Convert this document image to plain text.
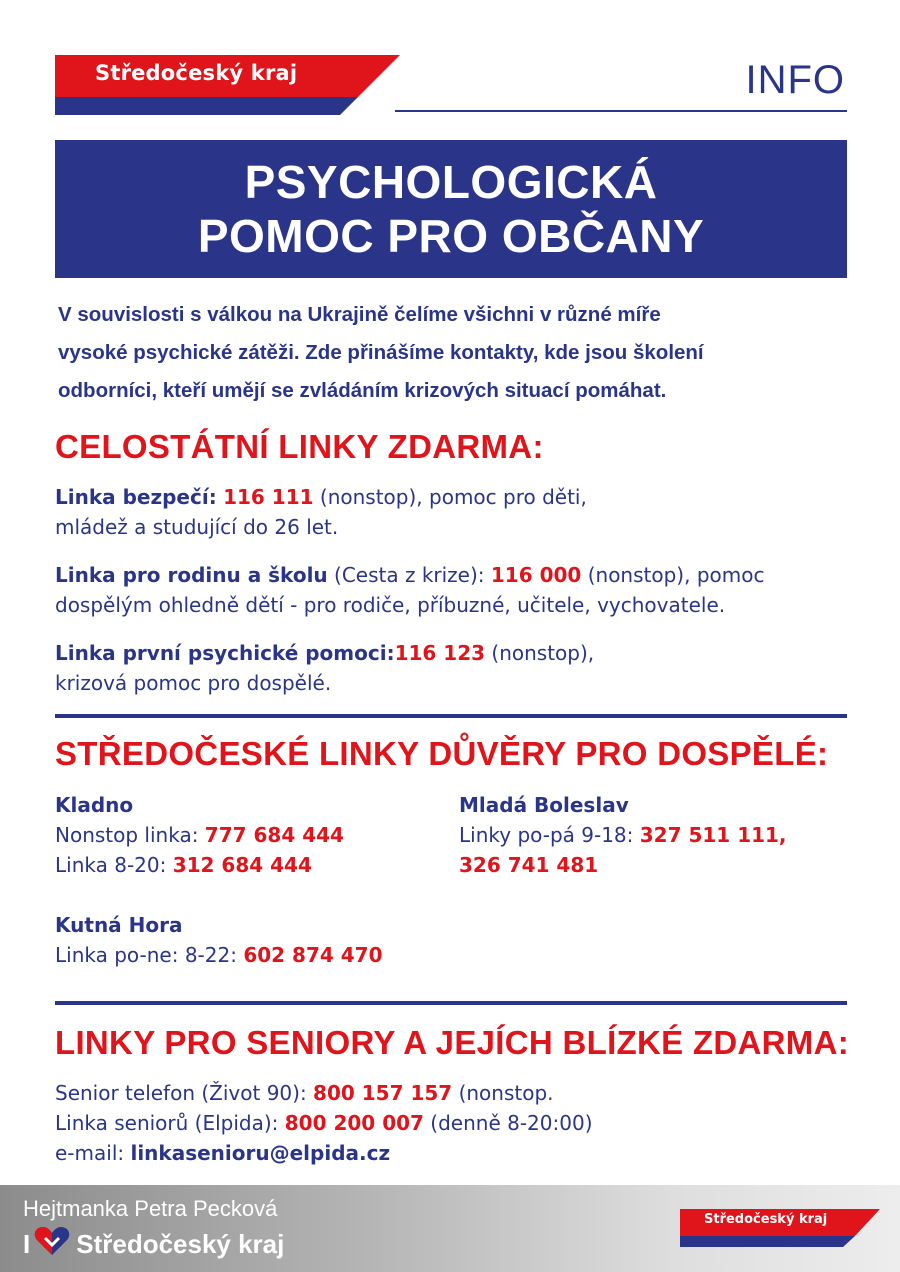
Středočeský kraj	INFO
PSYCHOLOGICKÁ
POMOC PRO OBČANY
V souvislosti s válkou na Ukrajině čelíme všichni v různé míře
vysoké psychické zátěži. Zde přinášíme kontakty, kde jsou školení
odborníci, kteří umějí se zvládáním krizových situací pomáhat.
CELOSTÁTNÍ LINKY ZDARMA:
Linka bezpečí: 116 111 (nonstop), pomoc pro děti,
mládež a studující do 26 let.
Linka pro rodinu a školu (Cesta z krize): 116 000 (nonstop), pomoc
dospělým ohledně dětí - pro rodiče, příbuzné, učitele, vychovatele.
Linka první psychické pomoci:116 123 (nonstop),
krizová pomoc pro dospělé.
STŘEDOČESKÉ LINKY DŮVĚRY PRO DOSPĚLÉ:
Kladno
Nonstop linka: 777 684 444
Linka 8-20: 312 684 444
Mladá Boleslav
Linky po-pá 9-18: 327 511 111,
326 741 481
Kutná Hora
Linka po-ne: 8-22: 602 874 470
LINKY PRO SENIORY A JEJÍCH BLÍZKÉ ZDARMA:
Senior telefon (Život 90): 800 157 157 (nonstop.
Linka seniorů (Elpida): 800 200 007 (denně 8-20:00)
e-mail: linkasenioru@elpida.cz
Hejtmanka Petra Pecková
I Středočeský kraj
Středočeský kraj
